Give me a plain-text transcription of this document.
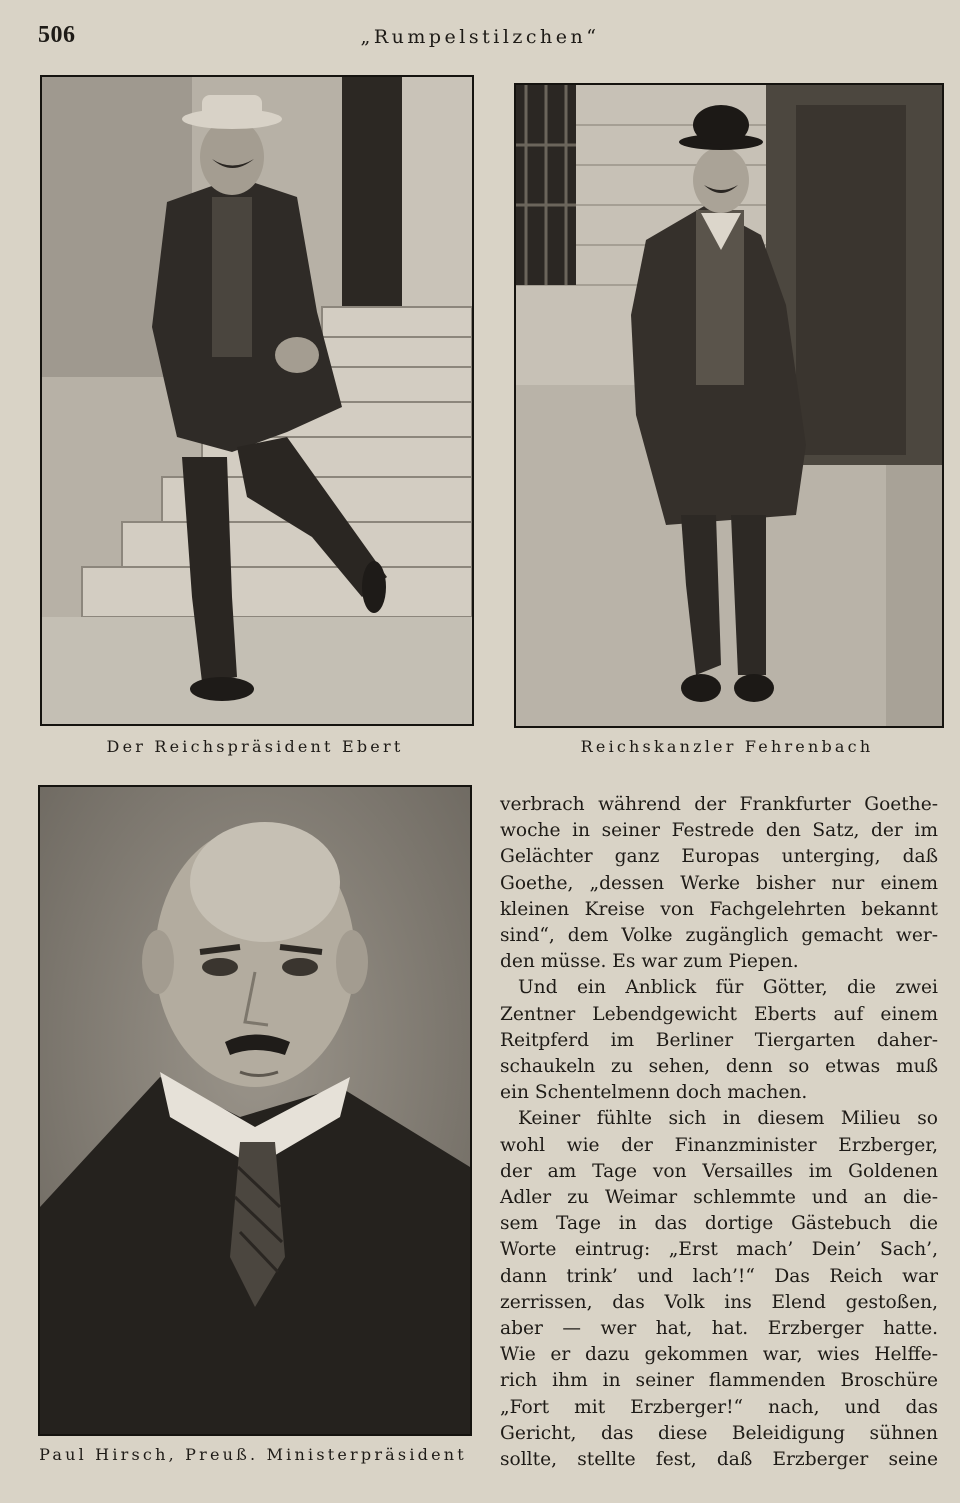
506	„Rumpelstilzchen“
Der Reichspräsident Ebert	Reichskanzler Fehrenbach
Paul Hirsch, Preuß. Ministerpräsident

verbrach während der Frankfurter Goethe-
woche in seiner Festrede den Satz, der im
Gelächter ganz Europas unterging, daß
Goethe, „dessen Werke bisher nur einem
kleinen Kreise von Fachgelehrten bekannt
sind“, dem Volke zugänglich gemacht wer-
den müsse. Es war zum Piepen.

Und ein Anblick für Götter, die zwei
Zentner Lebendgewicht Eberts auf einem
Reitpferd im Berliner Tiergarten daher-
schaukeln zu sehen, denn so etwas muß
ein Schentelmenn doch machen.

Keiner fühlte sich in diesem Milieu so
wohl wie der Finanzminister Erzberger,
der am Tage von Versailles im Goldenen
Adler zu Weimar schlemmte und an die-
sem Tage in das dortige Gästebuch die
Worte eintrug: „Erst mach’ Dein’ Sach’,
dann trink’ und lach’!“ Das Reich war
zerrissen, das Volk ins Elend gestoßen,
aber — wer hat, hat. Erzberger hatte.
Wie er dazu gekommen war, wies Helffe-
rich ihm in seiner flammenden Broschüre
„Fort mit Erzberger!“ nach, und das
Gericht, das diese Beleidigung sühnen
sollte, stellte fest, daß Erzberger seine
